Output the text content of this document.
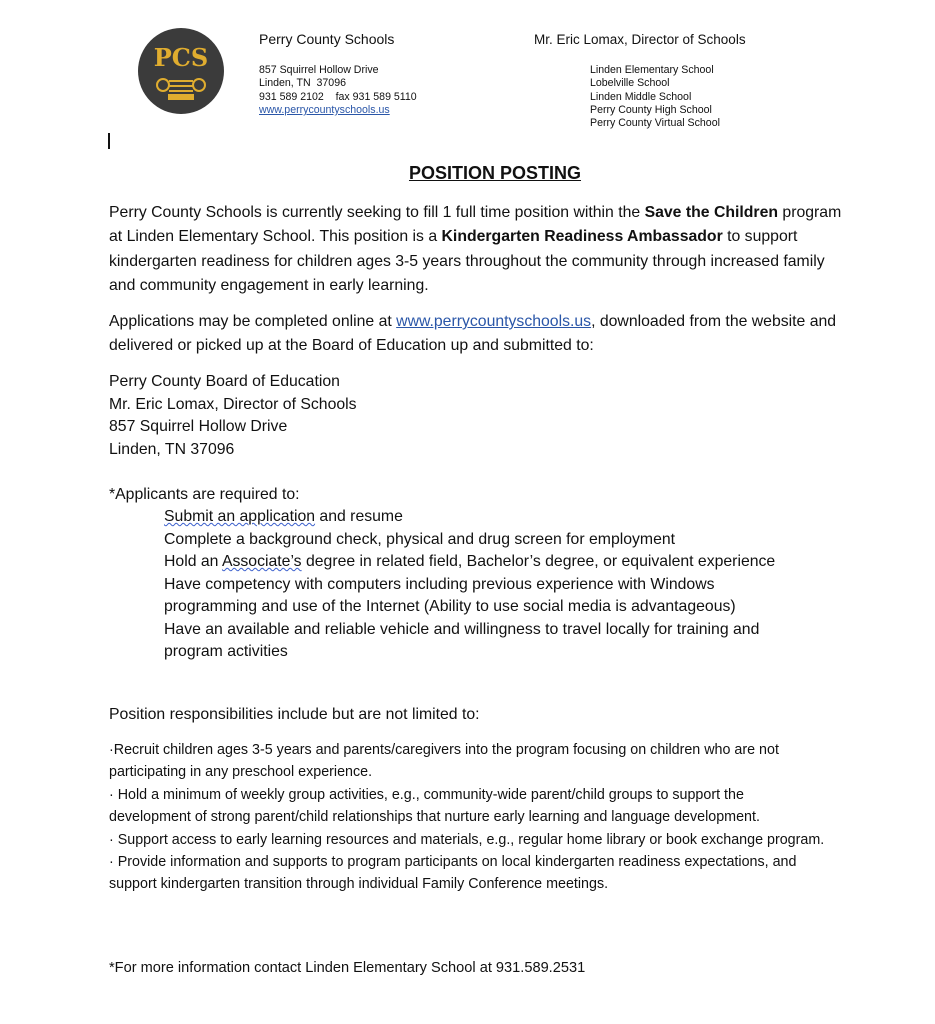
PCS
Perry County Schools	Mr. Eric Lomax, Director of Schools
857 Squirrel Hollow Drive
Linden, TN  37096
931 589 2102 fax 931 589 5110
www.perrycountyschools.us
Linden Elementary School
Lobelville School
Linden Middle School
Perry County High School
Perry County Virtual School
POSITION POSTING
Perry County Schools is currently seeking to fill 1 full time position within the Save the Children program at Linden Elementary School. This position is a Kindergarten Readiness Ambassador to support kindergarten readiness for children ages 3-5 years throughout the community through increased family and community engagement in early learning.
Applications may be completed online at www.perrycountyschools.us, downloaded from the website and delivered or picked up at the Board of Education up and submitted to:
Perry County Board of Education
Mr. Eric Lomax, Director of Schools
857 Squirrel Hollow Drive
Linden, TN 37096
*Applicants are required to:
Submit an application and resume
Complete a background check, physical and drug screen for employment
Hold an Associate’s degree in related field, Bachelor’s degree, or equivalent experience
Have competency with computers including previous experience with Windows
programming and use of the Internet (Ability to use social media is advantageous)
Have an available and reliable vehicle and willingness to travel locally for training and
program activities
Position responsibilities include but are not limited to:

·Recruit children ages 3-5 years and parents/caregivers into the program focusing on children who are not participating in any preschool experience.

· Hold a minimum of weekly group activities, e.g., community-wide parent/child groups to support the development of strong parent/child relationships that nurture early learning and language development.

· Support access to early learning resources and materials, e.g., regular home library or book exchange program.

· Provide information and supports to program participants on local kindergarten readiness expectations, and support kindergarten transition through individual Family Conference meetings.

*For more information contact Linden Elementary School at 931.589.2531
